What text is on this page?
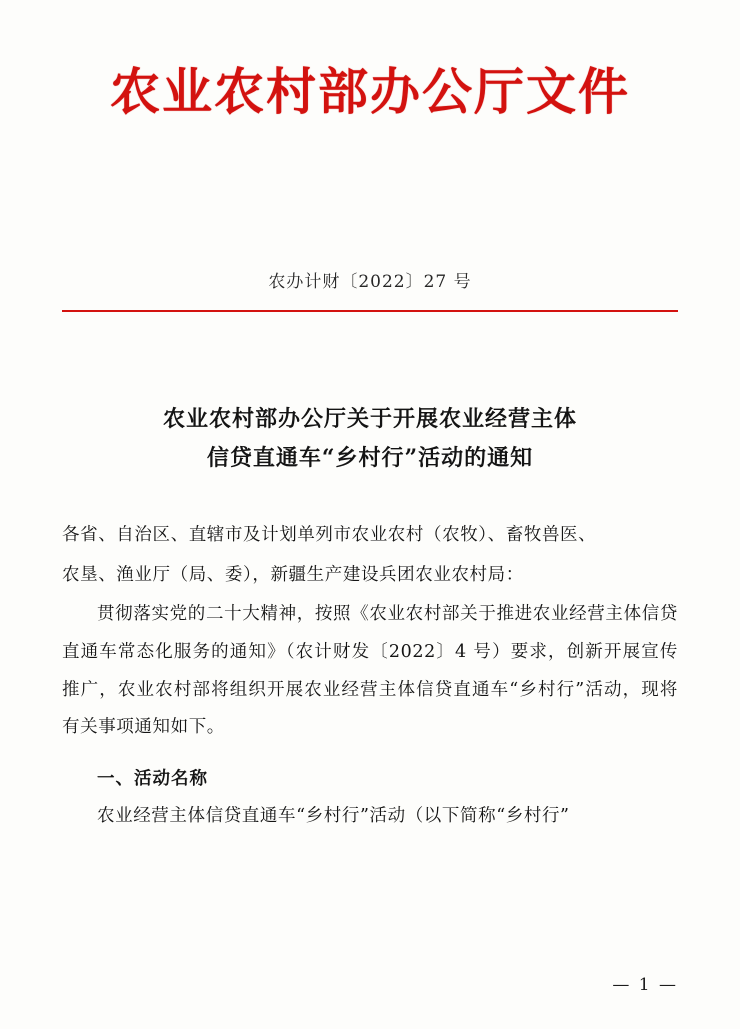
农业农村部办公厅文件
农办计财〔2022〕27 号
农业农村部办公厅关于开展农业经营主体
信贷直通车“乡村行”活动的通知

各省、自治区、直辖市及计划单列市农业农村（农牧）、畜牧兽医、

农垦、渔业厅（局、委），新疆生产建设兵团农业农村局：

贯彻落实党的二十大精神，按照《农业农村部关于推进农业经营主体信贷直通车常态化服务的通知》（农计财发〔2022〕4 号）要求，创新开展宣传推广，农业农村部将组织开展农业经营主体信贷直通车“乡村行”活动，现将有关事项通知如下。

一、活动名称

农业经营主体信贷直通车“乡村行”活动（以下简称“乡村行”

— 1 —
